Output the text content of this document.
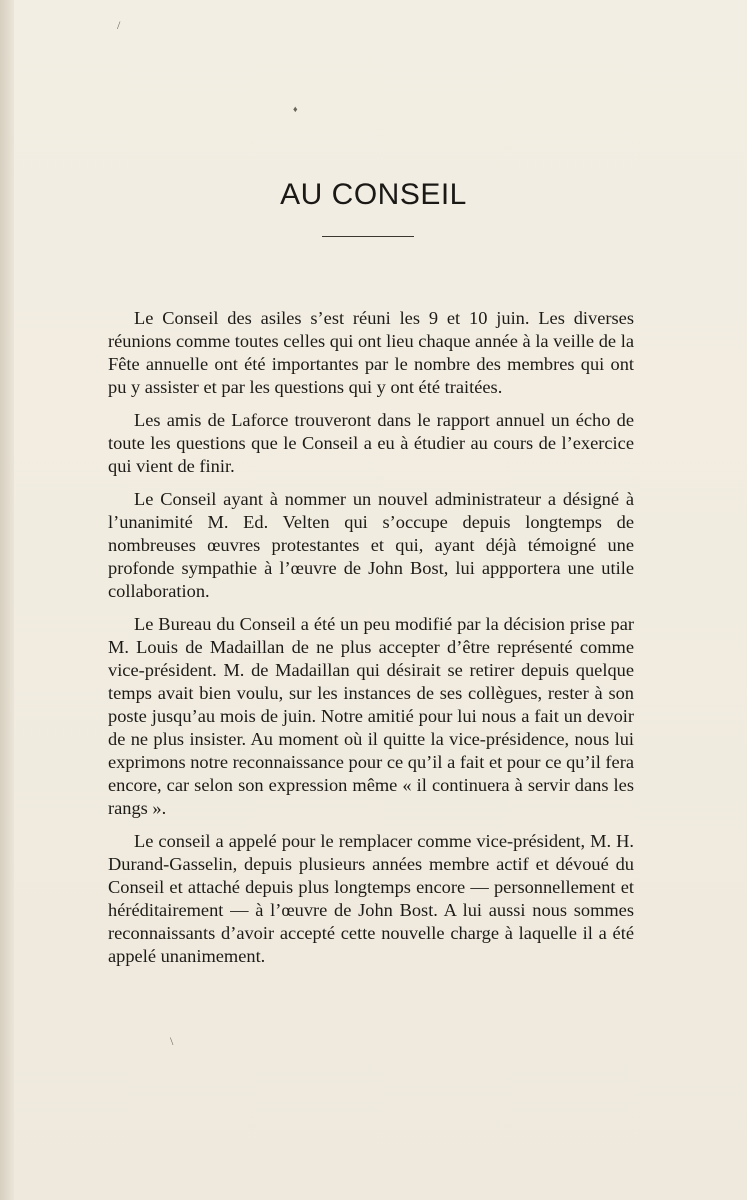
/
♦
AU CONSEIL

Le Conseil des asiles s’est réuni les 9 et 10 juin. Les diverses réunions comme toutes celles qui ont lieu chaque année à la veille de la Fête annuelle ont été importantes par le nombre des membres qui ont pu y assister et par les questions qui y ont été traitées.

Les amis de Laforce trouveront dans le rapport annuel un écho de toute les questions que le Conseil a eu à étudier au cours de l’exercice qui vient de finir.

Le Conseil ayant à nommer un nouvel administrateur a désigné à l’unanimité M. Ed. Velten qui s’occupe depuis longtemps de nombreuses œuvres protestantes et qui, ayant déjà témoigné une profonde sympathie à l’œuvre de John Bost, lui appportera une utile collaboration.

Le Bureau du Conseil a été un peu modifié par la décision prise par M. Louis de Madaillan de ne plus accepter d’être représenté comme vice-président. M. de Madaillan qui désirait se retirer depuis quelque temps avait bien voulu, sur les instances de ses collègues, rester à son poste jusqu’au mois de juin. Notre amitié pour lui nous a fait un devoir de ne plus insister. Au moment où il quitte la vice-présidence, nous lui exprimons notre reconnaissance pour ce qu’il a fait et pour ce qu’il fera encore, car selon son expression même « il continuera à servir dans les rangs ».

Le conseil a appelé pour le remplacer comme vice-président, M. H. Durand-Gasselin, depuis plusieurs années membre actif et dévoué du Conseil et attaché depuis plus longtemps encore — personnellement et héréditairement — à l’œuvre de John Bost. A lui aussi nous sommes reconnaissants d’avoir accepté cette nouvelle charge à laquelle il a été appelé unanimement.

\
